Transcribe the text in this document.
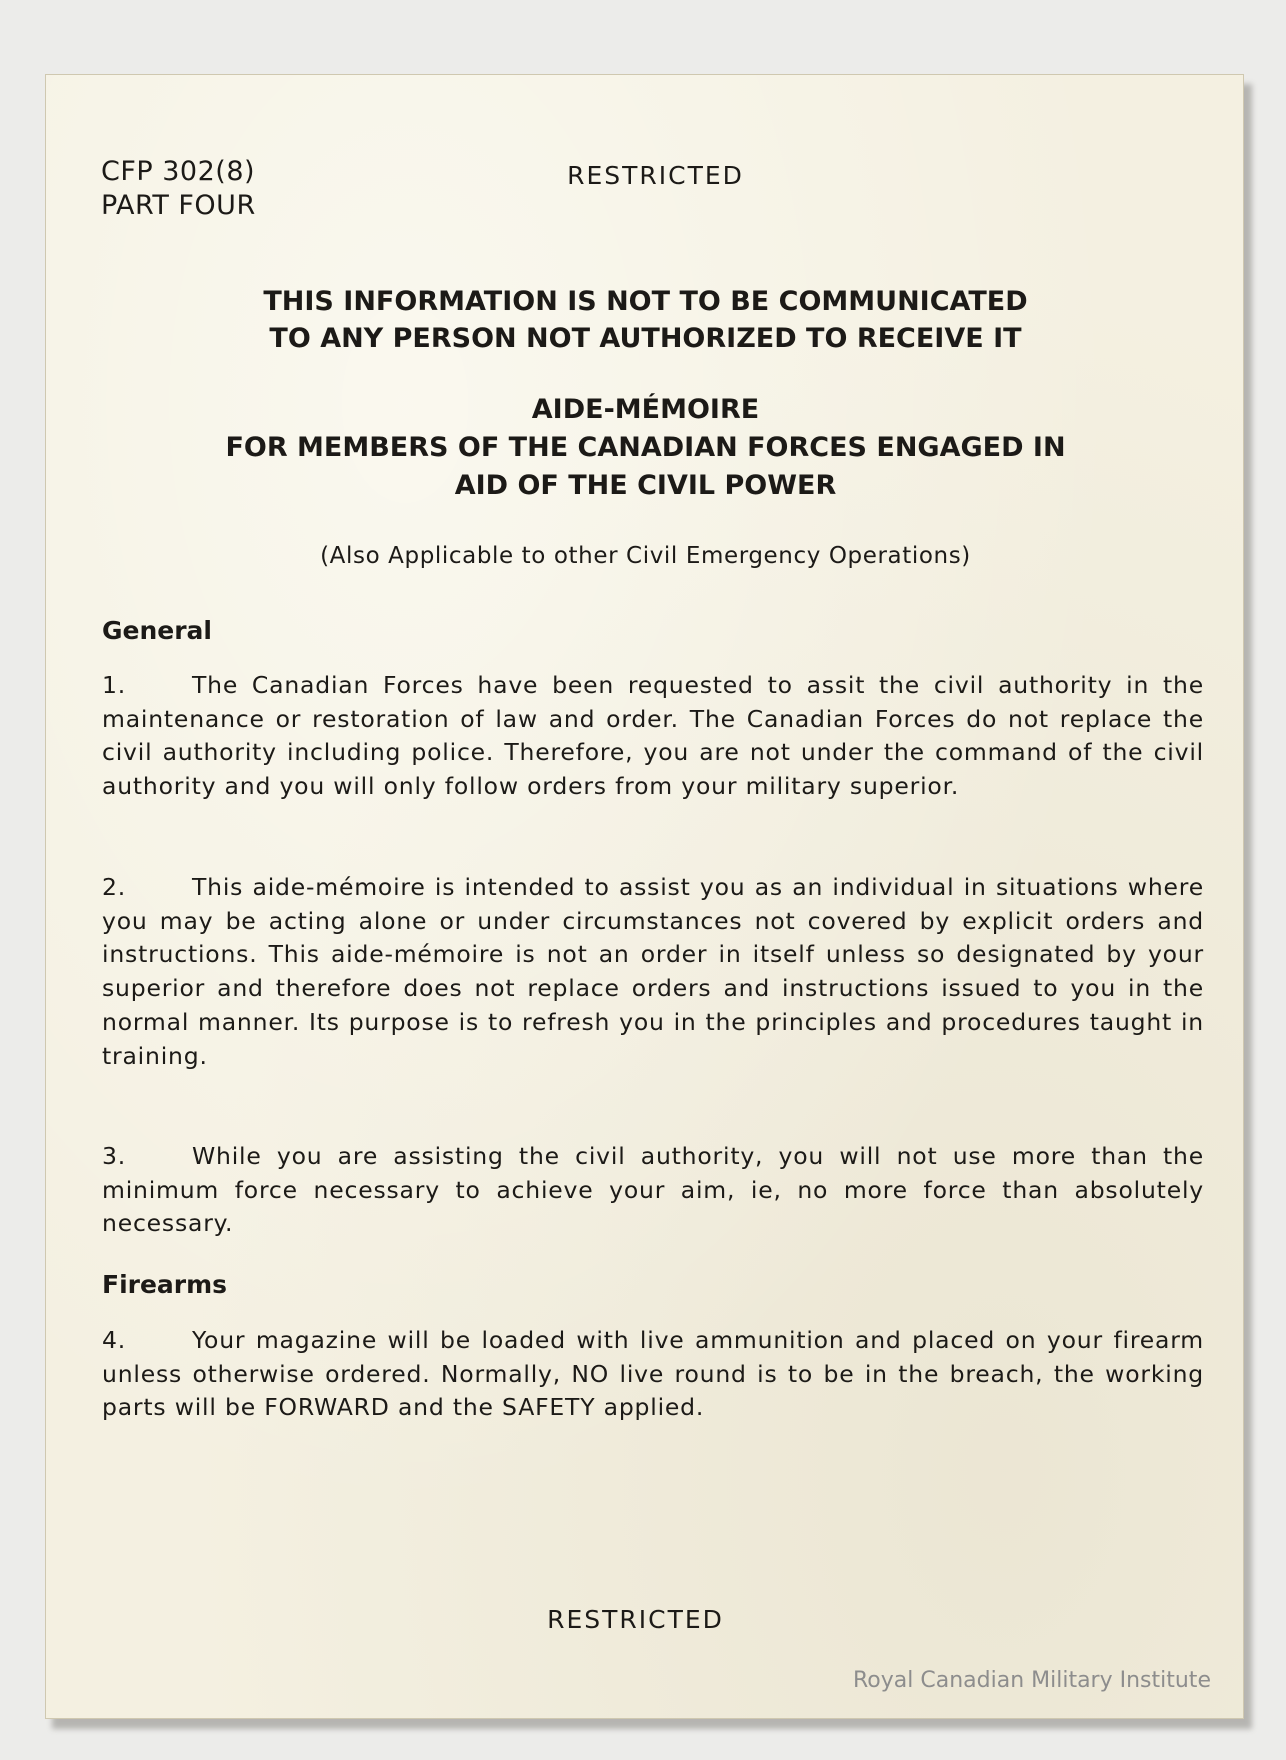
CFP 302(8)
PART FOUR
RESTRICTED
THIS INFORMATION IS NOT TO BE COMMUNICATED
TO ANY PERSON NOT AUTHORIZED TO RECEIVE IT
AIDE-MÉMOIRE
FOR MEMBERS OF THE CANADIAN FORCES ENGAGED IN
AID OF THE CIVIL POWER
(Also Applicable to other Civil Emergency Operations)
General
1.	The Canadian Forces have been requested to assit the civil authority in the maintenance or restoration of law and order. The Canadian Forces do not replace the civil authority including police. Therefore, you are not under the command of the civil authority and you will only follow orders from your military superior.
2.	This aide-mémoire is intended to assist you as an individual in situations where you may be acting alone or under circumstances not covered by explicit orders and instructions. This aide-mémoire is not an order in itself unless so designated by your superior and therefore does not replace orders and instructions issued to you in the normal manner. Its purpose is to refresh you in the principles and procedures taught in training.
3.	While you are assisting the civil authority, you will not use more than the minimum force necessary to achieve your aim, ie, no more force than absolutely necessary.
Firearms
4.	Your magazine will be loaded with live ammunition and placed on your firearm unless otherwise ordered. Normally, NO live round is to be in the breach, the working parts will be FORWARD and the SAFETY applied.
RESTRICTED
Royal Canadian Military Institute
